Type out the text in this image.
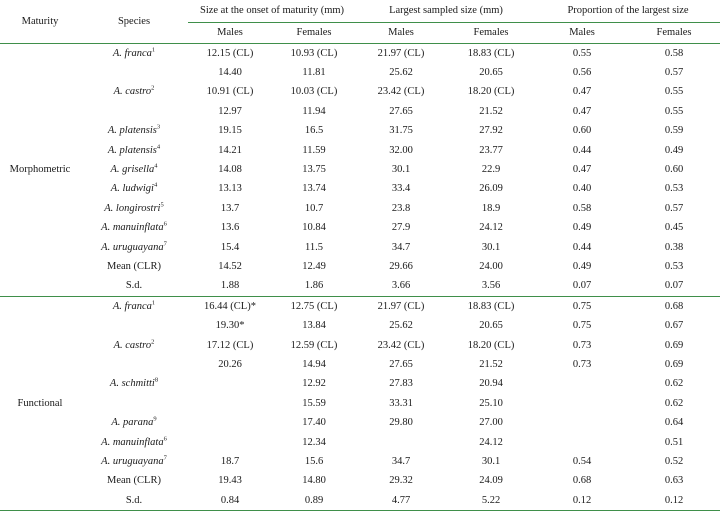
Maturity	Species	Size at the onset of maturity (mm)		Largest sampled size (mm)		Proportion of the largest size	
		Males	Females	Males	Females	Males	Females
Morphometric	A. franca$^1$	12.15 (CL)	10.93 (CL)	21.97 (CL)	18.83 (CL)	0.55	0.58
		14.40	11.81	25.62	20.65	0.56	0.57
	A. castro$^2$	10.91 (CL)	10.03 (CL)	23.42 (CL)	18.20 (CL)	0.47	0.55
		12.97	11.94	27.65	21.52	0.47	0.55
	A. platensis$^3$	19.15	16.5	31.75	27.92	0.60	0.59
	A. platensis$^4$	14.21	11.59	32.00	23.77	0.44	0.49
	A. grisella$^4$	14.08	13.75	30.1	22.9	0.47	0.60
	A. ludwigi$^4$	13.13	13.74	33.4	26.09	0.40	0.53
	A. longirostri$^5$	13.7	10.7	23.8	18.9	0.58	0.57
	A. manuinflata$^6$	13.6	10.84	27.9	24.12	0.49	0.45
	A. uruguayana$^7$	15.4	11.5	34.7	30.1	0.44	0.38
	Mean (CLR)	14.52	12.49	29.66	24.00	0.49	0.53
	S.d.	1.88	1.86	3.66	3.56	0.07	0.07
Functional	A. franca$^1$	16.44 (CL)*	12.75 (CL)	21.97 (CL)	18.83 (CL)	0.75	0.68
		19.30*	13.84	25.62	20.65	0.75	0.67
	A. castro$^2$	17.12 (CL)	12.59 (CL)	23.42 (CL)	18.20 (CL)	0.73	0.69
		20.26	14.94	27.65	21.52	0.73	0.69
	A. schmitti$^8$		12.92	27.83	20.94		0.62
			15.59	33.31	25.10		0.62
	A. parana$^9$		17.40	29.80	27.00		0.64
	A. manuinflata$^6$		12.34		24.12		0.51
	A. uruguayana$^7$	18.7	15.6	34.7	30.1	0.54	0.52
	Mean (CLR)	19.43	14.80	29.32	24.09	0.68	0.63
	S.d.	0.84	0.89	4.77	5.22	0.12	0.12
